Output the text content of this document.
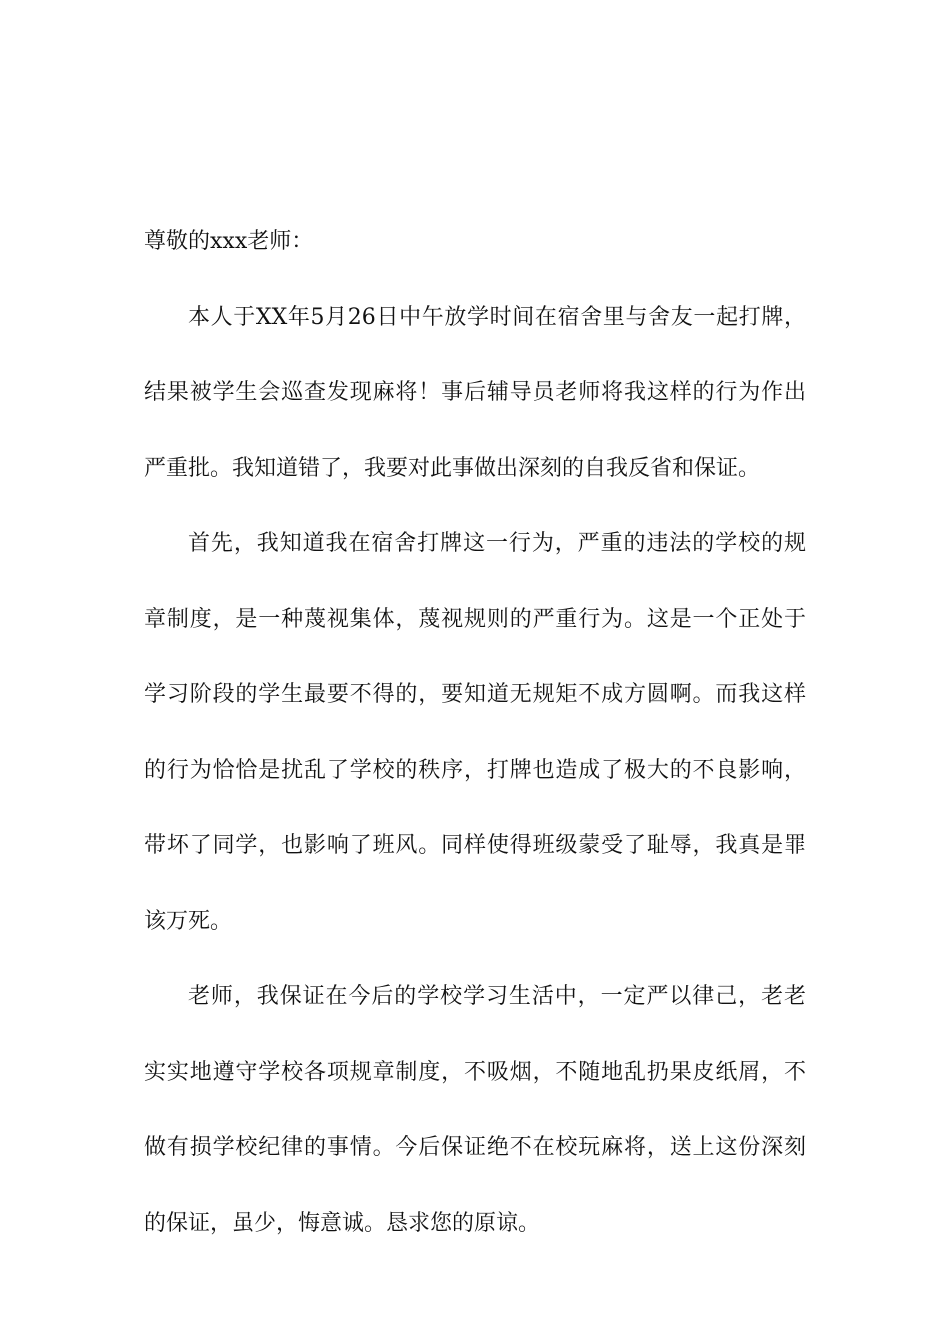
尊敬的xxx老师：
本人于XX年5月26日中午放学时间在宿舍里与舍友一起打牌，
结果被学生会巡查发现麻将！事后辅导员老师将我这样的行为作出
严重批。我知道错了，我要对此事做出深刻的自我反省和保证。
首先，我知道我在宿舍打牌这一行为，严重的违法的学校的规
章制度，是一种蔑视集体，蔑视规则的严重行为。这是一个正处于
学习阶段的学生最要不得的，要知道无规矩不成方圆啊。而我这样
的行为恰恰是扰乱了学校的秩序，打牌也造成了极大的不良影响，
带坏了同学，也影响了班风。同样使得班级蒙受了耻辱，我真是罪
该万死。
老师，我保证在今后的学校学习生活中，一定严以律己，老老
实实地遵守学校各项规章制度，不吸烟，不随地乱扔果皮纸屑，不
做有损学校纪律的事情。今后保证绝不在校玩麻将，送上这份深刻
的保证，虽少，悔意诚。恳求您的原谅。
